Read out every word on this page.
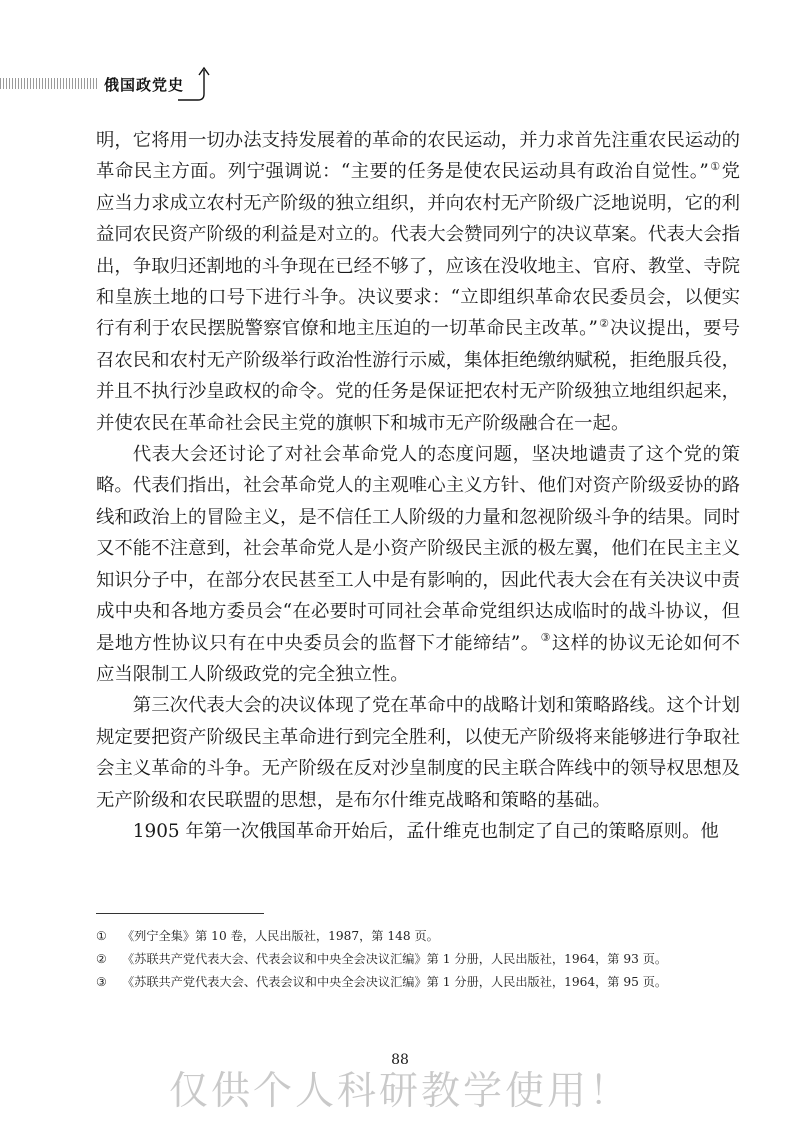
俄国政党史

明，它将用一切办法支持发展着的革命的农民运动，并力求首先注重农民运动的革命民主方面。列宁强调说：“主要的任务是使农民运动具有政治自觉性。”①党应当力求成立农村无产阶级的独立组织，并向农村无产阶级广泛地说明，它的利益同农民资产阶级的利益是对立的。代表大会赞同列宁的决议草案。代表大会指出，争取归还割地的斗争现在已经不够了，应该在没收地主、官府、教堂、寺院和皇族土地的口号下进行斗争。决议要求：“立即组织革命农民委员会，以便实行有利于农民摆脱警察官僚和地主压迫的一切革命民主改革。”②决议提出，要号召农民和农村无产阶级举行政治性游行示威，集体拒绝缴纳赋税，拒绝服兵役，并且不执行沙皇政权的命令。党的任务是保证把农村无产阶级独立地组织起来，并使农民在革命社会民主党的旗帜下和城市无产阶级融合在一起。

代表大会还讨论了对社会革命党人的态度问题，坚决地谴责了这个党的策略。代表们指出，社会革命党人的主观唯心主义方针、他们对资产阶级妥协的路线和政治上的冒险主义，是不信任工人阶级的力量和忽视阶级斗争的结果。同时又不能不注意到，社会革命党人是小资产阶级民主派的极左翼，他们在民主主义知识分子中，在部分农民甚至工人中是有影响的，因此代表大会在有关决议中责成中央和各地方委员会“在必要时可同社会革命党组织达成临时的战斗协议，但是地方性协议只有在中央委员会的监督下才能缔结”。③这样的协议无论如何不应当限制工人阶级政党的完全独立性。

第三次代表大会的决议体现了党在革命中的战略计划和策略路线。这个计划规定要把资产阶级民主革命进行到完全胜利，以使无产阶级将来能够进行争取社会主义革命的斗争。无产阶级在反对沙皇制度的民主联合阵线中的领导权思想及无产阶级和农民联盟的思想，是布尔什维克战略和策略的基础。

1905 年第一次俄国革命开始后，孟什维克也制定了自己的策略原则。他

①	《列宁全集》第 10 卷，人民出版社，1987，第 148 页。
②	《苏联共产党代表大会、代表会议和中央全会决议汇编》第 1 分册，人民出版社，1964，第 93 页。
③	《苏联共产党代表大会、代表会议和中央全会决议汇编》第 1 分册，人民出版社，1964，第 95 页。
88
仅供个人科研教学使用！
